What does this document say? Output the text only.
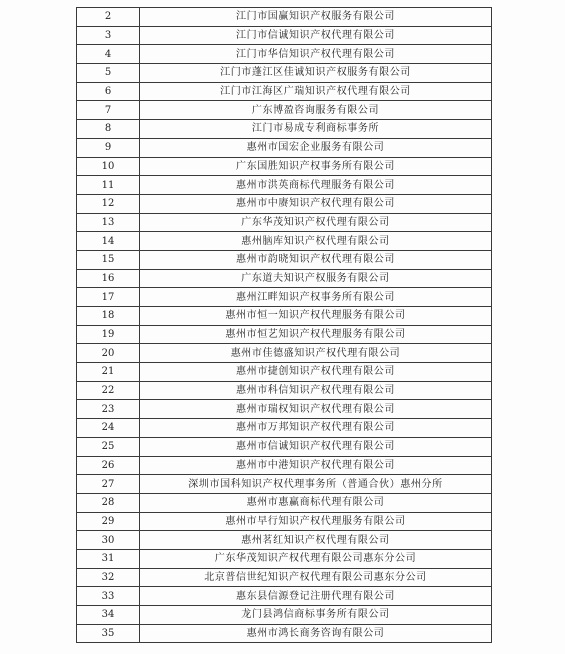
2	江门市国赢知识产权服务有限公司
3	江门市信诚知识产权代理有限公司
4	江门市华信知识产权代理有限公司
5	江门市蓬江区佳诚知识产权服务有限公司
6	江门市江海区广瑞知识产权代理有限公司
7	广东博盈咨询服务有限公司
8	江门市易成专利商标事务所
9	惠州市国宏企业服务有限公司
10	广东国胜知识产权事务所有限公司
11	惠州市洪英商标代理服务有限公司
12	惠州市中赓知识产权代理有限公司
13	广东华茂知识产权代理有限公司
14	惠州脑库知识产权代理有限公司
15	惠州市韵晓知识产权代理有限公司
16	广东道夫知识产权服务有限公司
17	惠州江畔知识产权事务所有限公司
18	惠州市恒一知识产权代理服务有限公司
19	惠州市恒艺知识产权代理服务有限公司
20	惠州市佳德盛知识产权代理有限公司
21	惠州市捷创知识产权代理有限公司
22	惠州市科信知识产权代理有限公司
23	惠州市瑞权知识产权代理有限公司
24	惠州市万邦知识产权代理有限公司
25	惠州市信诚知识产权代理有限公司
26	惠州市中港知识产权代理有限公司
27	深圳市国科知识产权代理事务所（普通合伙）惠州分所
28	惠州市惠赢商标代理有限公司
29	惠州市早行知识产权代理服务有限公司
30	惠州茗红知识产权代理有限公司
31	广东华茂知识产权代理有限公司惠东分公司
32	北京普信世纪知识产权代理有限公司惠东分公司
33	惠东县信源登记注册代理有限公司
34	龙门县鸿信商标事务所有限公司
35	惠州市鸿长商务咨询有限公司
